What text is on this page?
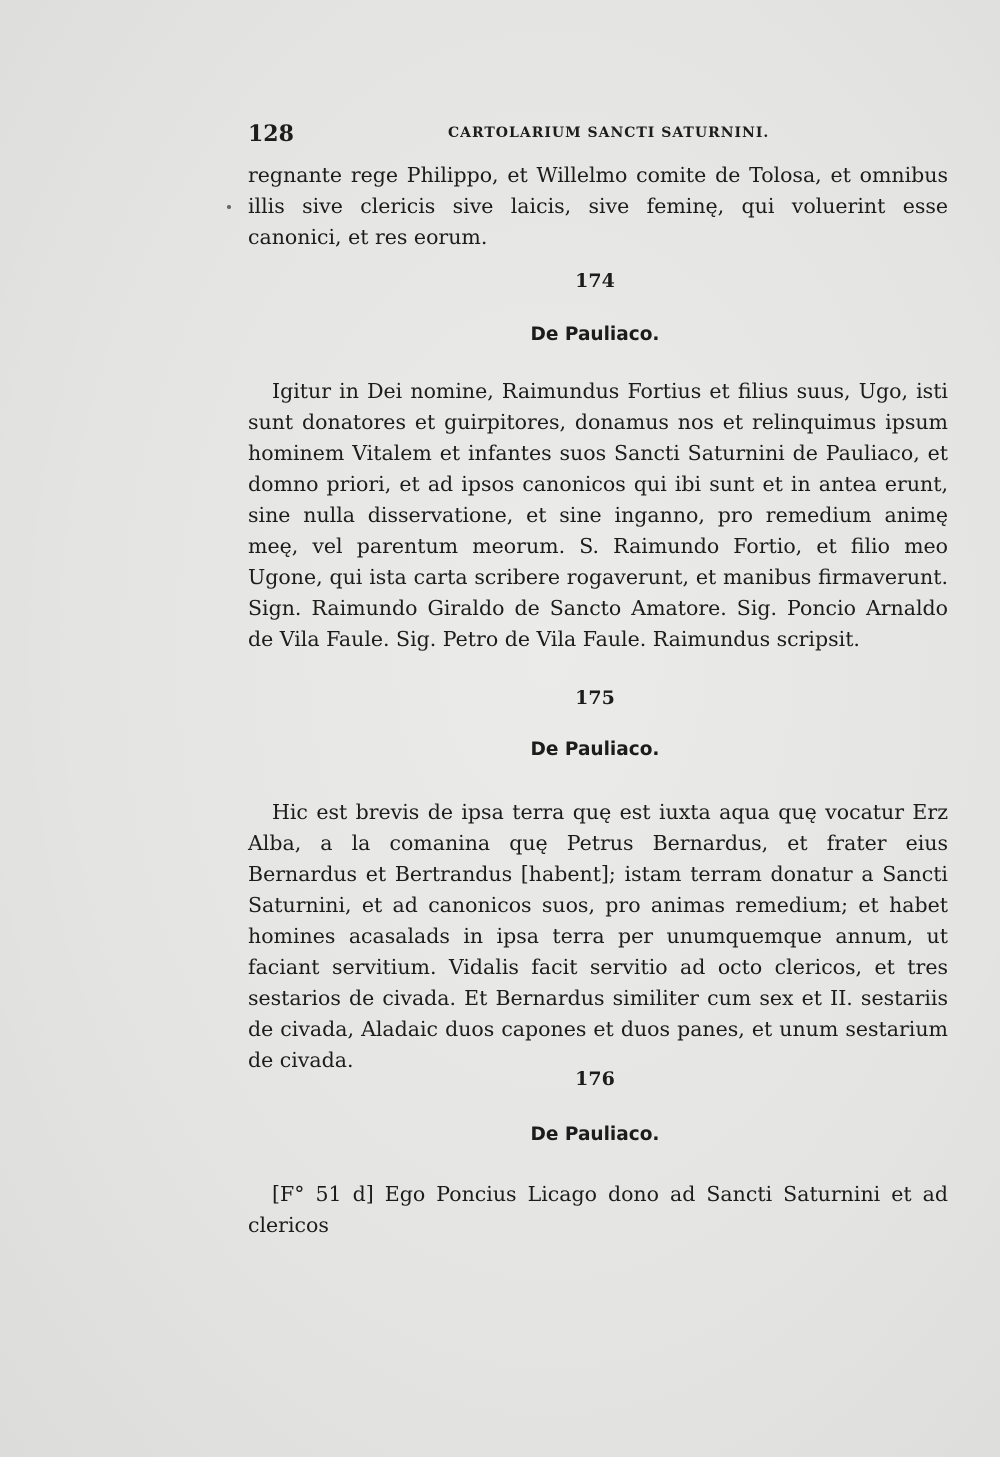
128	CARTOLARIUM SANCTI SATURNINI.

regnante rege Philippo, et Willelmo comite de Tolosa, et omnibus illis sive clericis sive laicis, sive feminę, qui voluerint esse canonici, et res eorum.

174
De Pauliaco.

Igitur in Dei nomine, Raimundus Fortius et filius suus, Ugo, isti sunt donatores et guirpitores, donamus nos et relinquimus ipsum hominem Vitalem et infantes suos Sancti Saturnini de Pauliaco, et domno priori, et ad ipsos canonicos qui ibi sunt et in antea erunt, sine nulla disservatione, et sine inganno, pro remedium animę meę, vel parentum meorum. S. Raimundo Fortio, et filio meo Ugone, qui ista carta scribere rogaverunt, et manibus firmaverunt. Sign. Raimundo Giraldo de Sancto Amatore. Sig. Poncio Arnaldo de Vila Faule. Sig. Petro de Vila Faule. Raimundus scripsit.

175
De Pauliaco.

Hic est brevis de ipsa terra quę est iuxta aqua quę vocatur Erz Alba, a la comanina quę Petrus Bernardus, et frater eius Bernardus et Bertrandus [habent]; istam terram donatur a Sancti Saturnini, et ad canonicos suos, pro animas remedium; et habet homines acasalads in ipsa terra per unumquemque annum, ut faciant servitium. Vidalis facit servitio ad octo clericos, et tres sestarios de civada. Et Bernardus similiter cum sex et II. sestariis de civada, Aladaic duos capones et duos panes, et unum sestarium de civada.

176
De Pauliaco.

[F° 51 d] Ego Poncius Licago dono ad Sancti Saturnini et ad clericos
